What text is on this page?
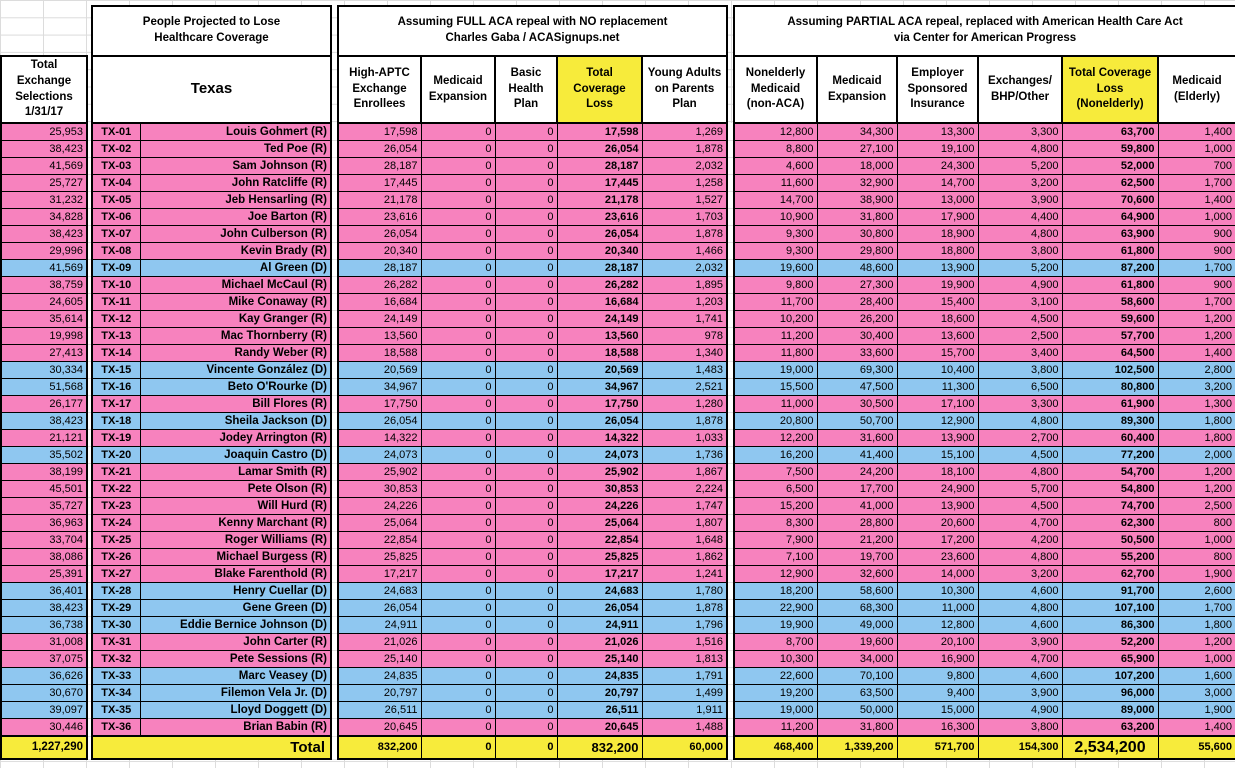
People Projected to Lose
Healthcare Coverage

Assuming FULL ACA repeal with NO replacement
Charles Gaba / ACASignups.net

Assuming PARTIAL ACA repeal, replaced with American Health Care Act
via Center for American Progress

Total Exchange Selections 1/31/17		Texas			High-APTC Exchange Enrollees	Medicaid Expansion	Basic Health Plan	Total Coverage Loss	Young Adults on Parents Plan		Nonelderly Medicaid (non-ACA)	Medicaid Expansion	Employer Sponsored Insurance	Exchanges/ BHP/Other	Total Coverage Loss (Nonelderly)	Medicaid (Elderly)
25,953		TX-01	Louis Gohmert (R)		17,598	0	0	17,598	1,269		12,800	34,300	13,300	3,300	63,700	1,400
38,423		TX-02	Ted Poe (R)		26,054	0	0	26,054	1,878		8,800	27,100	19,100	4,800	59,800	1,000
41,569		TX-03	Sam Johnson (R)		28,187	0	0	28,187	2,032		4,600	18,000	24,300	5,200	52,000	700
25,727		TX-04	John Ratcliffe (R)		17,445	0	0	17,445	1,258		11,600	32,900	14,700	3,200	62,500	1,700
31,232		TX-05	Jeb Hensarling (R)		21,178	0	0	21,178	1,527		14,700	38,900	13,000	3,900	70,600	1,400
34,828		TX-06	Joe Barton (R)		23,616	0	0	23,616	1,703		10,900	31,800	17,900	4,400	64,900	1,000
38,423		TX-07	John Culberson (R)		26,054	0	0	26,054	1,878		9,300	30,800	18,900	4,800	63,900	900
29,996		TX-08	Kevin Brady (R)		20,340	0	0	20,340	1,466		9,300	29,800	18,800	3,800	61,800	900
41,569		TX-09	Al Green (D)		28,187	0	0	28,187	2,032		19,600	48,600	13,900	5,200	87,200	1,700
38,759		TX-10	Michael McCaul (R)		26,282	0	0	26,282	1,895		9,800	27,300	19,900	4,900	61,800	900
24,605		TX-11	Mike Conaway (R)		16,684	0	0	16,684	1,203		11,700	28,400	15,400	3,100	58,600	1,700
35,614		TX-12	Kay Granger (R)		24,149	0	0	24,149	1,741		10,200	26,200	18,600	4,500	59,600	1,200
19,998		TX-13	Mac Thornberry (R)		13,560	0	0	13,560	978		11,200	30,400	13,600	2,500	57,700	1,200
27,413		TX-14	Randy Weber (R)		18,588	0	0	18,588	1,340		11,800	33,600	15,700	3,400	64,500	1,400
30,334		TX-15	Vincente González (D)		20,569	0	0	20,569	1,483		19,000	69,300	10,400	3,800	102,500	2,800
51,568		TX-16	Beto O'Rourke (D)		34,967	0	0	34,967	2,521		15,500	47,500	11,300	6,500	80,800	3,200
26,177		TX-17	Bill Flores (R)		17,750	0	0	17,750	1,280		11,000	30,500	17,100	3,300	61,900	1,300
38,423		TX-18	Sheila Jackson (D)		26,054	0	0	26,054	1,878		20,800	50,700	12,900	4,800	89,300	1,800
21,121		TX-19	Jodey Arrington (R)		14,322	0	0	14,322	1,033		12,200	31,600	13,900	2,700	60,400	1,800
35,502		TX-20	Joaquin Castro (D)		24,073	0	0	24,073	1,736		16,200	41,400	15,100	4,500	77,200	2,000
38,199		TX-21	Lamar Smith (R)		25,902	0	0	25,902	1,867		7,500	24,200	18,100	4,800	54,700	1,200
45,501		TX-22	Pete Olson (R)		30,853	0	0	30,853	2,224		6,500	17,700	24,900	5,700	54,800	1,200
35,727		TX-23	Will Hurd (R)		24,226	0	0	24,226	1,747		15,200	41,000	13,900	4,500	74,700	2,500
36,963		TX-24	Kenny Marchant (R)		25,064	0	0	25,064	1,807		8,300	28,800	20,600	4,700	62,300	800
33,704		TX-25	Roger Williams (R)		22,854	0	0	22,854	1,648		7,900	21,200	17,200	4,200	50,500	1,000
38,086		TX-26	Michael Burgess (R)		25,825	0	0	25,825	1,862		7,100	19,700	23,600	4,800	55,200	800
25,391		TX-27	Blake Farenthold (R)		17,217	0	0	17,217	1,241		12,900	32,600	14,000	3,200	62,700	1,900
36,401		TX-28	Henry Cuellar (D)		24,683	0	0	24,683	1,780		18,200	58,600	10,300	4,600	91,700	2,600
38,423		TX-29	Gene Green (D)		26,054	0	0	26,054	1,878		22,900	68,300	11,000	4,800	107,100	1,700
36,738		TX-30	Eddie Bernice Johnson (D)		24,911	0	0	24,911	1,796		19,900	49,000	12,800	4,600	86,300	1,800
31,008		TX-31	John Carter (R)		21,026	0	0	21,026	1,516		8,700	19,600	20,100	3,900	52,200	1,200
37,075		TX-32	Pete Sessions (R)		25,140	0	0	25,140	1,813		10,300	34,000	16,900	4,700	65,900	1,000
36,626		TX-33	Marc Veasey (D)		24,835	0	0	24,835	1,791		22,600	70,100	9,800	4,600	107,200	1,600
30,670		TX-34	Filemon Vela Jr. (D)		20,797	0	0	20,797	1,499		19,200	63,500	9,400	3,900	96,000	3,000
39,097		TX-35	Lloyd Doggett (D)		26,511	0	0	26,511	1,911		19,000	50,000	15,000	4,900	89,000	1,900
30,446		TX-36	Brian Babin (R)		20,645	0	0	20,645	1,488		11,200	31,800	16,300	3,800	63,200	1,400
1,227,290		Total			832,200	0	0	832,200	60,000		468,400	1,339,200	571,700	154,300	2,534,200	55,600
